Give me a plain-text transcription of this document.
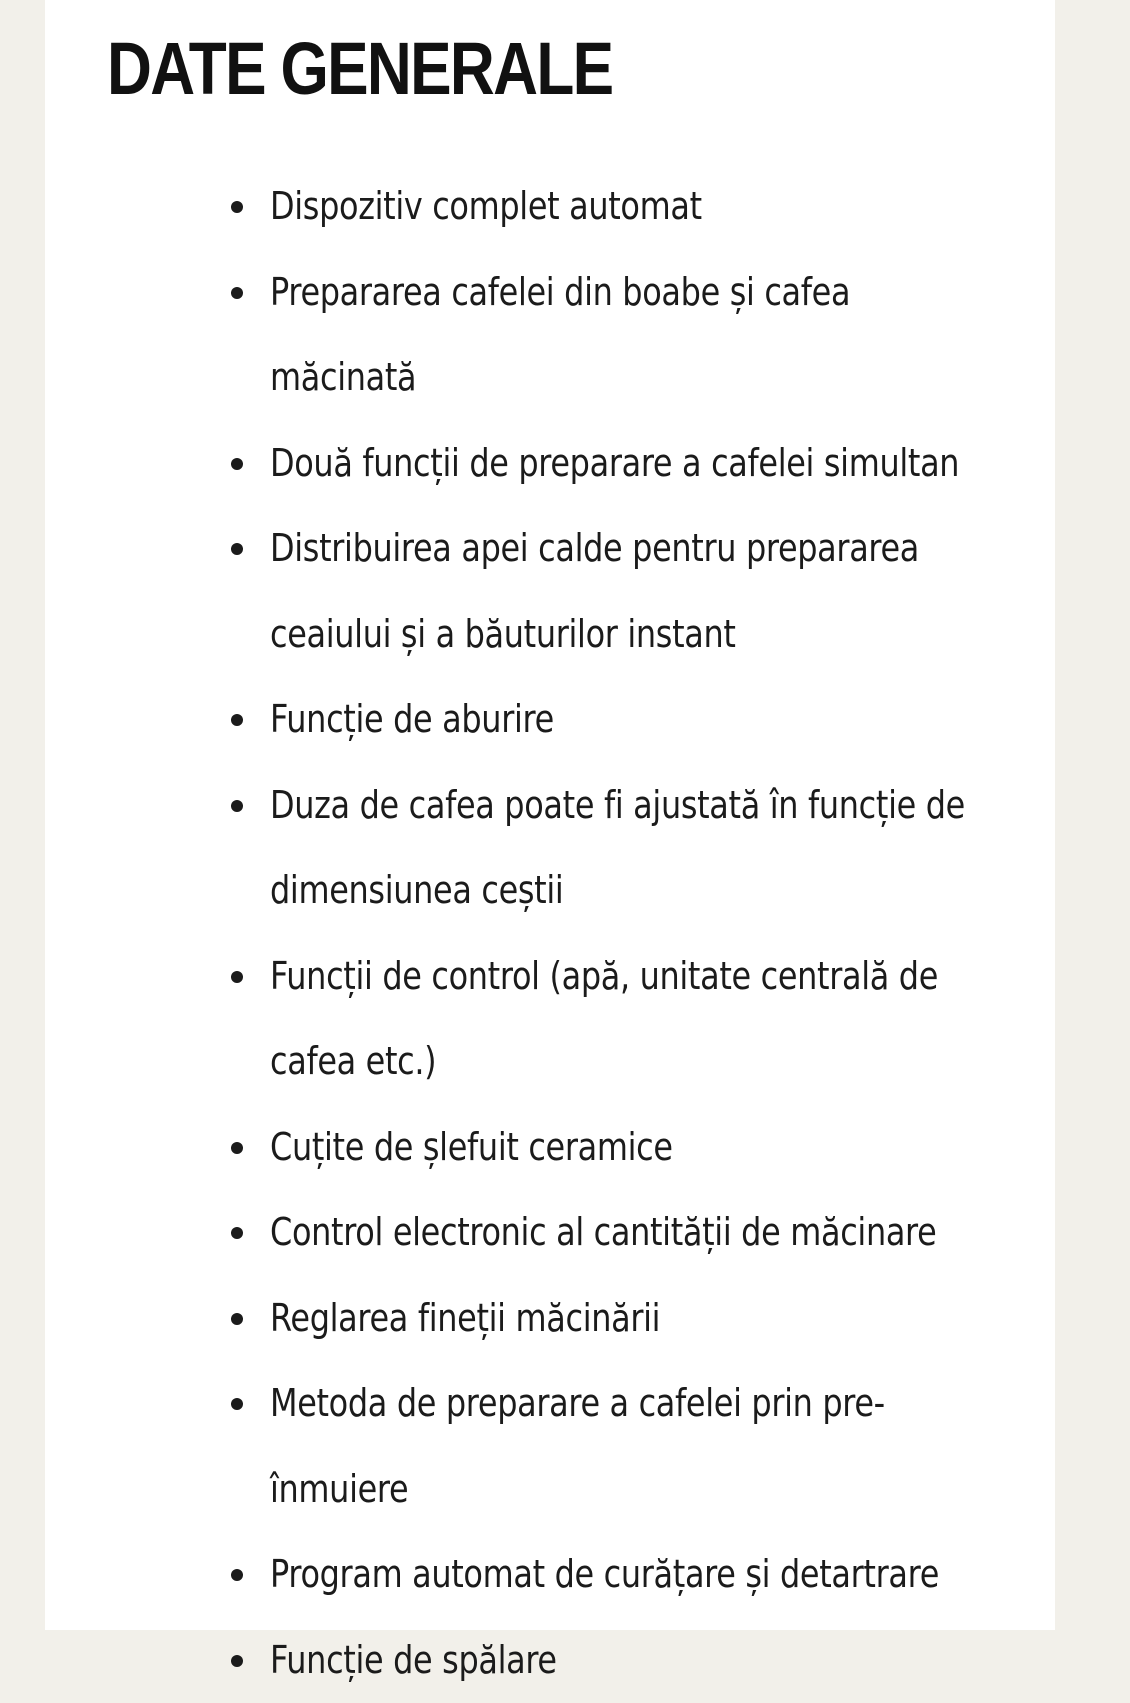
DATE GENERALE
Dispozitiv complet automat
Prepararea cafelei din boabe și cafea măcinată
Două funcții de preparare a cafelei simultan
Distribuirea apei calde pentru prepararea ceaiului și a băuturilor instant
Funcție de aburire
Duza de cafea poate fi ajustată în funcție de dimensiunea ceștii
Funcții de control (apă, unitate centrală de cafea etc.)
Cuțite de șlefuit ceramice
Control electronic al cantității de măcinare
Reglarea fineții măcinării
Metoda de preparare a cafelei prin pre-înmuiere
Program automat de curățare și detartrare
Funcție de spălare
